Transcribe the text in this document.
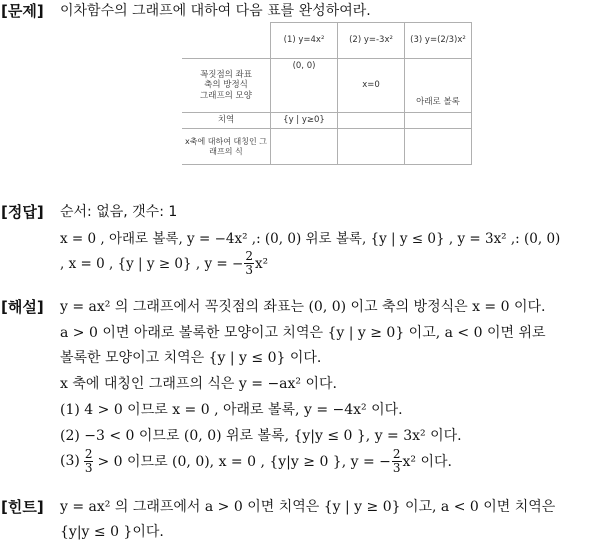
[문제] 이차함수의 그래프에 대하여 다음 표를 완성하여라.
	(1) y=4x²	(2) y=-3x²	(3) y=(2/3)x²

꼭짓점의 좌표
축의 방정식
그래프의 모양	(0, 0)	x=0	아래로 볼록
치역	{y | y≥0}		
x축에 대하여 대칭인 그래프의 식			
[정답] 순서: 없음, 갯수: 1
x = 0 , 아래로 볼록, y = −4x² ,: (0, 0) 위로 볼록, {y | y ≤ 0} , y = 3x² ,: (0, 0)
, x = 0 , {y | y ≥ 0} , y = − $\frac{2}{3} x^2$
[해설] y = ax² 의 그래프에서 꼭짓점의 좌표는 (0, 0) 이고 축의 방정식은 x = 0 이다.
a > 0 이면 아래로 볼록한 모양이고 치역은 {y | y ≥ 0} 이고, a < 0 이면 위로
볼록한 모양이고 치역은 {y | y ≤ 0} 이다.
x 축에 대칭인 그래프의 식은 y = −ax² 이다.
(1) 4 > 0 이므로 x = 0 , 아래로 볼록, y = −4x² 이다.
(2) −3 < 0 이므로 (0, 0) 위로 볼록, {y|y ≤ 0 }, y = 3x² 이다.
$(3) \frac{2}{3} > 0$ 이므로 (0, 0), x = 0 , {y|y ≥ 0 }, y = − $\frac{2}{3} x^2$ 이다.
[힌트] y = ax² 의 그래프에서 a > 0 이면 치역은 {y | y ≥ 0} 이고, a < 0 이면 치역은
{y|y ≤ 0 }이다.
